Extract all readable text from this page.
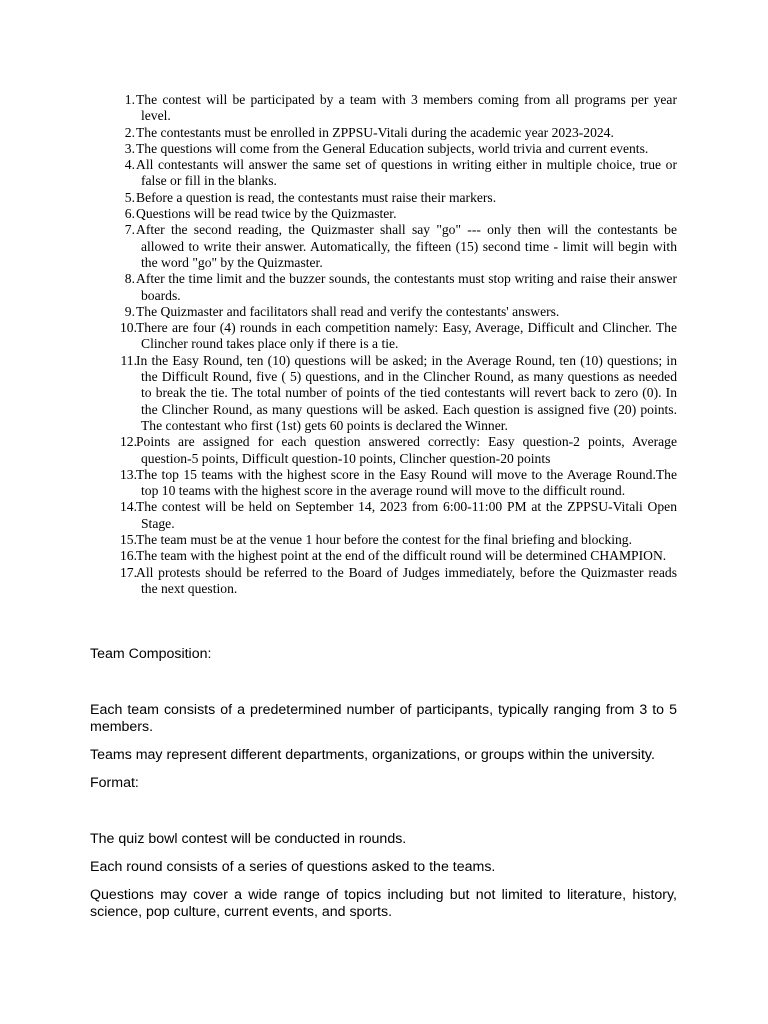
1. The contest will be participated by a team with 3 members coming from all programs per year level.
2. The contestants must be enrolled in ZPPSU-Vitali during the academic year 2023-2024.
3. The questions will come from the General Education subjects, world trivia and current events.
4. All contestants will answer the same set of questions in writing either in multiple choice, true or false or fill in the blanks.
5. Before a question is read, the contestants must raise their markers.
6. Questions will be read twice by the Quizmaster.
7. After the second reading, the Quizmaster shall say "go" --- only then will the contestants be allowed to write their answer. Automatically, the fifteen (15) second time - limit will begin with the word "go" by the Quizmaster.
8. After the time limit and the buzzer sounds, the contestants must stop writing and raise their answer boards.
9. The Quizmaster and facilitators shall read and verify the contestants' answers.
10. There are four (4) rounds in each competition namely: Easy, Average, Difficult and Clincher. The Clincher round takes place only if there is a tie.
11. In the Easy Round, ten (10) questions will be asked; in the Average Round, ten (10) questions; in the Difficult Round, five ( 5) questions, and in the Clincher Round, as many questions as needed to break the tie. The total number of points of the tied contestants will revert back to zero (0). In the Clincher Round, as many questions will be asked. Each question is assigned five (20) points. The contestant who first (1st) gets 60 points is declared the Winner.
12. Points are assigned for each question answered correctly: Easy question-2 points, Average question-5 points, Difficult question-10 points, Clincher question-20 points
13. The top 15 teams with the highest score in the Easy Round will move to the Average Round.The top 10 teams with the highest score in the average round will move to the difficult round.
14. The contest will be held on September 14, 2023 from 6:00-11:00 PM at the ZPPSU-Vitali Open Stage.
15. The team must be at the venue 1 hour before the contest for the final briefing and blocking.
16. The team with the highest point at the end of the difficult round will be determined CHAMPION.
17. All protests should be referred to the Board of Judges immediately, before the Quizmaster reads the next question.

Team Composition:

Each team consists of a predetermined number of participants, typically ranging from 3 to 5 members.

Teams may represent different departments, organizations, or groups within the university.

Format:

The quiz bowl contest will be conducted in rounds.

Each round consists of a series of questions asked to the teams.

Questions may cover a wide range of topics including but not limited to literature, history, science, pop culture, current events, and sports.
